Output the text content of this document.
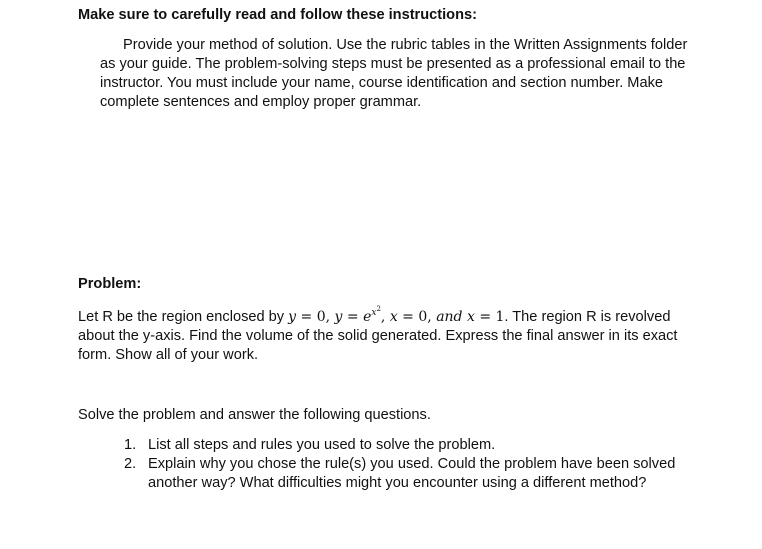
Make sure to carefully read and follow these instructions:

Provide your method of solution. Use the rubric tables in the Written Assignments folder as your guide. The problem-solving steps must be presented as a professional email to the instructor. You must include your name, course identification and section number. Make complete sentences and employ proper grammar.

Problem:

Let R be the region enclosed by y = 0, $y = e^{x^2}$, x = 0, and x = 1. The region R is revolved about the y-axis. Find the volume of the solid generated. Express the final answer in its exact form. Show all of your work.

Solve the problem and answer the following questions.

1. List all steps and rules you used to solve the problem.
2. Explain why you chose the rule(s) you used. Could the problem have been solved another way? What difficulties might you encounter using a different method?
